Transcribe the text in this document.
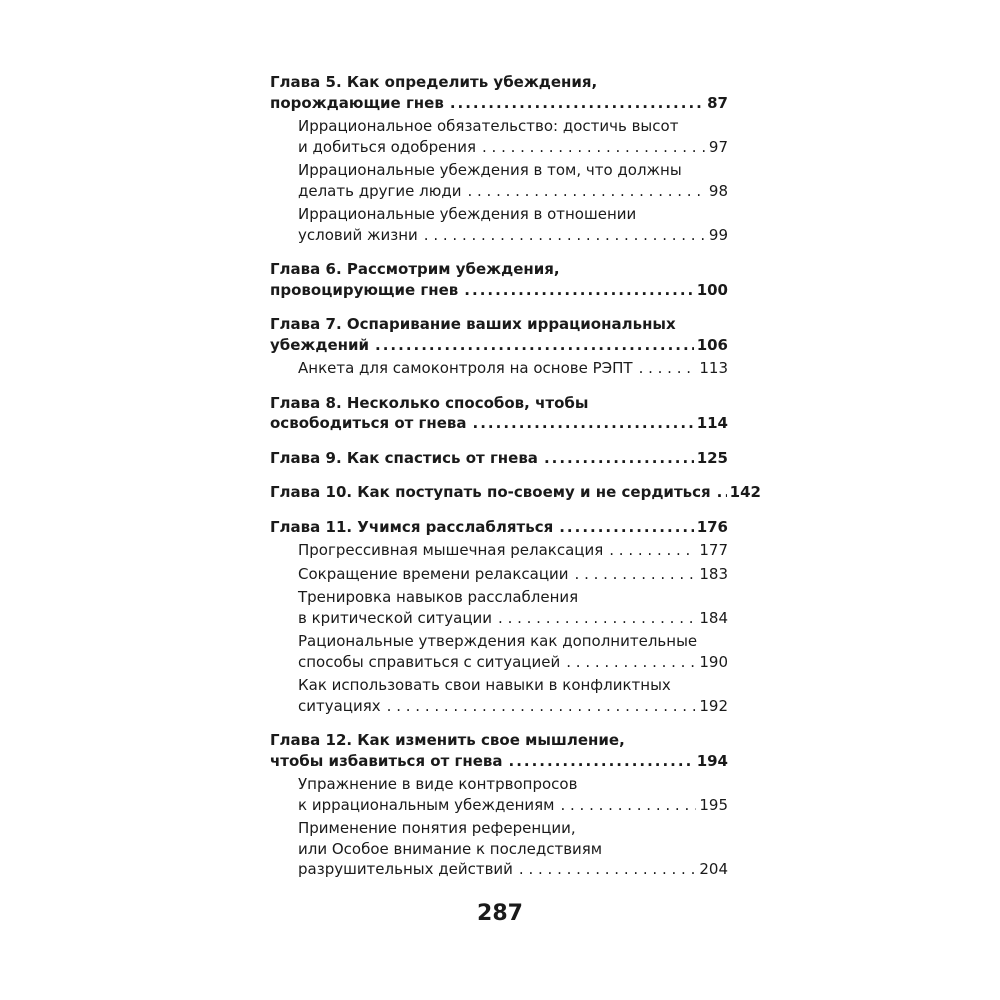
Глава 5. Как определить убеждения,
порождающие гнев .....	87
Иррациональное обязательство: достичь высот
и добиться одобрения . . .	97
Иррациональные убеждения в том, что должны
делать другие люди . . .	98
Иррациональные убеждения в отношении
условий жизни . . .	99
Глава 6. Рассмотрим убеждения,
провоцирующие гнев .....	100
Глава 7. Оспаривание ваших иррациональных
убеждений .....	106
Анкета для самоконтроля на основе РЭПТ . . .	113
Глава 8. Несколько способов, чтобы
освободиться от гнева .....	114
Глава 9. Как спастись от гнева .....	125
Глава 10. Как поступать по-своему и не сердиться ..... 142
Глава 11. Учимся расслабляться .....	176
Прогрессивная мышечная релаксация . . .	177
Сокращение времени релаксации . . .	183
Тренировка навыков расслабления
в критической ситуации . . .	184
Рациональные утверждения как дополнительные
способы справиться с ситуацией . . .	190
Как использовать свои навыки в конфликтных
ситуациях . . .	192
Глава 12. Как изменить свое мышление,
чтобы избавиться от гнева .....	194
Упражнение в виде контрвопросов
к иррациональным убеждениям . . .	195
Применение понятия референции,
или Особое внимание к последствиям
разрушительных действий . . .	204
287
